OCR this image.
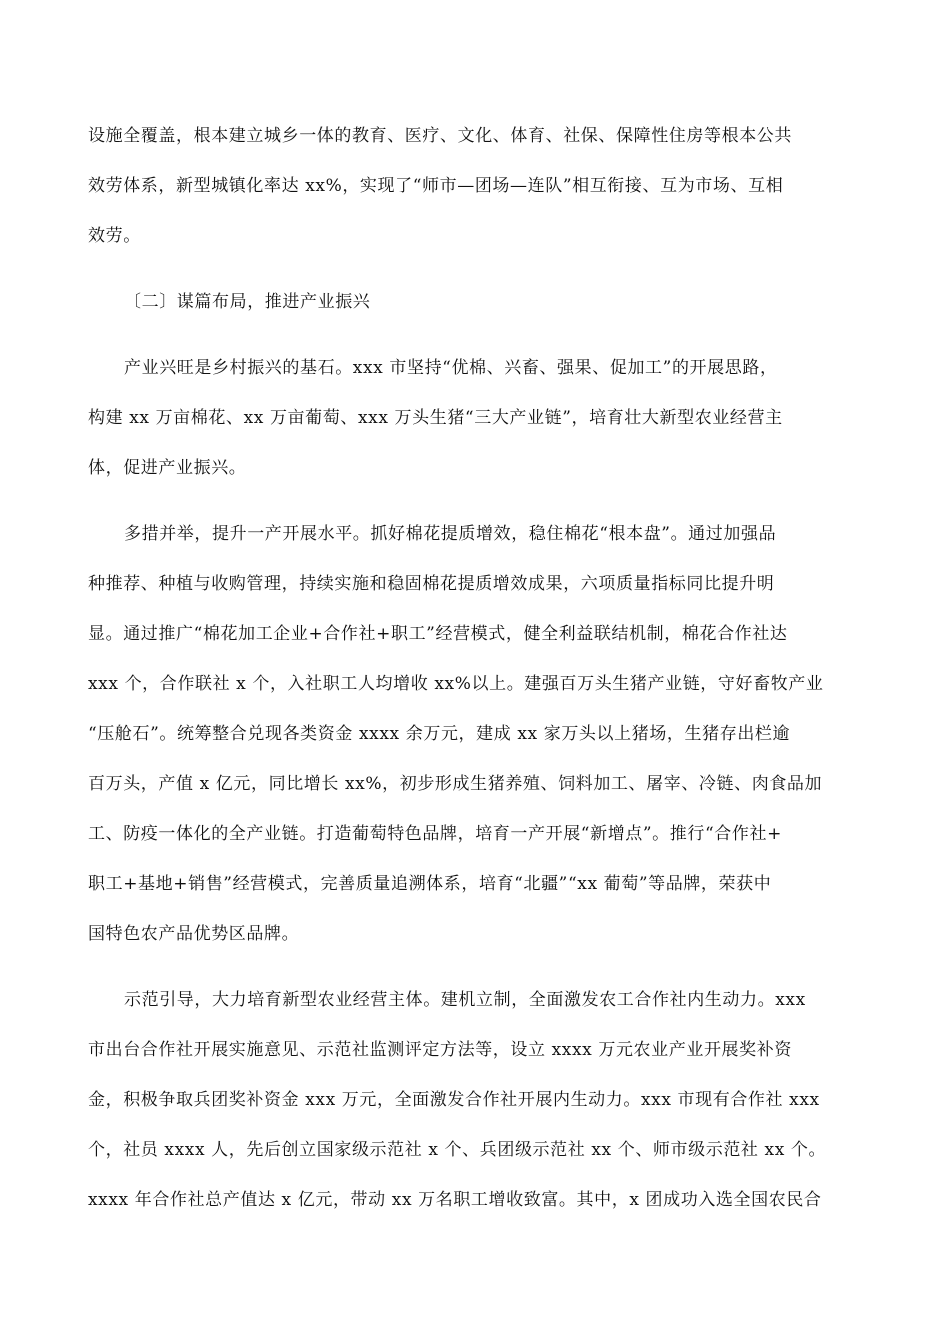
设施全覆盖，根本建立城乡一体的教育、医疗、文化、体育、社保、保障性住房等根本公共
效劳体系，新型城镇化率达 xx%，实现了“师市—团场—连队”相互衔接、互为市场、互相
效劳。
〔二〕谋篇布局，推进产业振兴
产业兴旺是乡村振兴的基石。xxx 市坚持“优棉、兴畜、强果、促加工”的开展思路，
构建 xx 万亩棉花、xx 万亩葡萄、xxx 万头生猪“三大产业链”，培育壮大新型农业经营主
体，促进产业振兴。
多措并举，提升一产开展水平。抓好棉花提质增效，稳住棉花“根本盘”。通过加强品
种推荐、种植与收购管理，持续实施和稳固棉花提质增效成果，六项质量指标同比提升明
显。通过推广“棉花加工企业+合作社+职工”经营模式，健全利益联结机制，棉花合作社达
xxx 个，合作联社 x 个，入社职工人均增收 xx%以上。建强百万头生猪产业链，守好畜牧产业
“压舱石”。统筹整合兑现各类资金 xxxx 余万元，建成 xx 家万头以上猪场，生猪存出栏逾
百万头，产值 x 亿元，同比增长 xx%，初步形成生猪养殖、饲料加工、屠宰、冷链、肉食品加
工、防疫一体化的全产业链。打造葡萄特色品牌，培育一产开展“新增点”。推行“合作社+
职工+基地+销售”经营模式，完善质量追溯体系，培育“北疆”“xx 葡萄”等品牌，荣获中
国特色农产品优势区品牌。
示范引导，大力培育新型农业经营主体。建机立制，全面激发农工合作社内生动力。xxx
市出台合作社开展实施意见、示范社监测评定方法等，设立 xxxx 万元农业产业开展奖补资
金，积极争取兵团奖补资金 xxx 万元，全面激发合作社开展内生动力。xxx 市现有合作社 xxx
个，社员 xxxx 人，先后创立国家级示范社 x 个、兵团级示范社 xx 个、师市级示范社 xx 个。
xxxx 年合作社总产值达 x 亿元，带动 xx 万名职工增收致富。其中，x 团成功入选全国农民合
